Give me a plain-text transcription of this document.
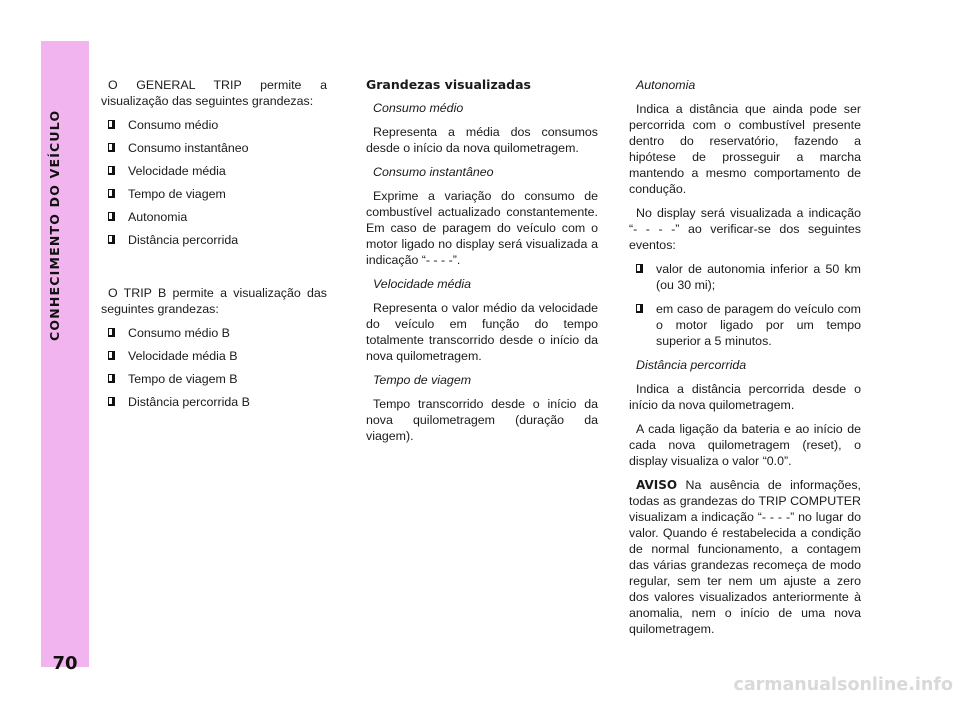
CONHECIMENTO DO VEÍCULO
70

O GENERAL TRIP permite a visualização das seguintes grandezas:

Consumo médio
Consumo instantâneo
Velocidade média
Tempo de viagem
Autonomia
Distância percorrida

O TRIP B permite a visualização das seguintes grandezas:

Consumo médio B
Velocidade média B
Tempo de viagem B
Distância percorrida B

Grandezas visualizadas

Consumo médio

Representa a média dos consumos desde o início da nova quilometragem.

Consumo instantâneo

Exprime a variação do consumo de combustível actualizado constantemente. Em caso de paragem do veículo com o motor ligado no display será visualizada a indicação “- - - -”.

Velocidade média

Representa o valor médio da velocidade do veículo em função do tempo totalmente transcorrido desde o início da nova quilometragem.

Tempo de viagem

Tempo transcorrido desde o início da nova quilometragem (duração da viagem).

Autonomia

Indica a distância que ainda pode ser percorrida com o combustível presente dentro do reservatório, fazendo a hipótese de prosseguir a marcha mantendo a mesmo comportamento de condução.

No display será visualizada a indicação “- - - -” ao verificar-se dos seguintes eventos:

valor de autonomia inferior a 50 km (ou 30 mi);
em caso de paragem do veículo com o motor ligado por um tempo superior a 5 minutos.

Distância percorrida

Indica a distância percorrida desde o início da nova quilometragem.

A cada ligação da bateria e ao início de cada nova quilometragem (reset), o display visualiza o valor “0.0”.

AVISO Na ausência de informações, todas as grandezas do TRIP COMPUTER visualizam a indicação “- - - -” no lugar do valor. Quando é restabelecida a condição de normal funcionamento, a contagem das várias grandezas recomeça de modo regular, sem ter nem um ajuste a zero dos valores visualizados anteriormente à anomalia, nem o início de uma nova quilometragem.

carmanualsonline.info
